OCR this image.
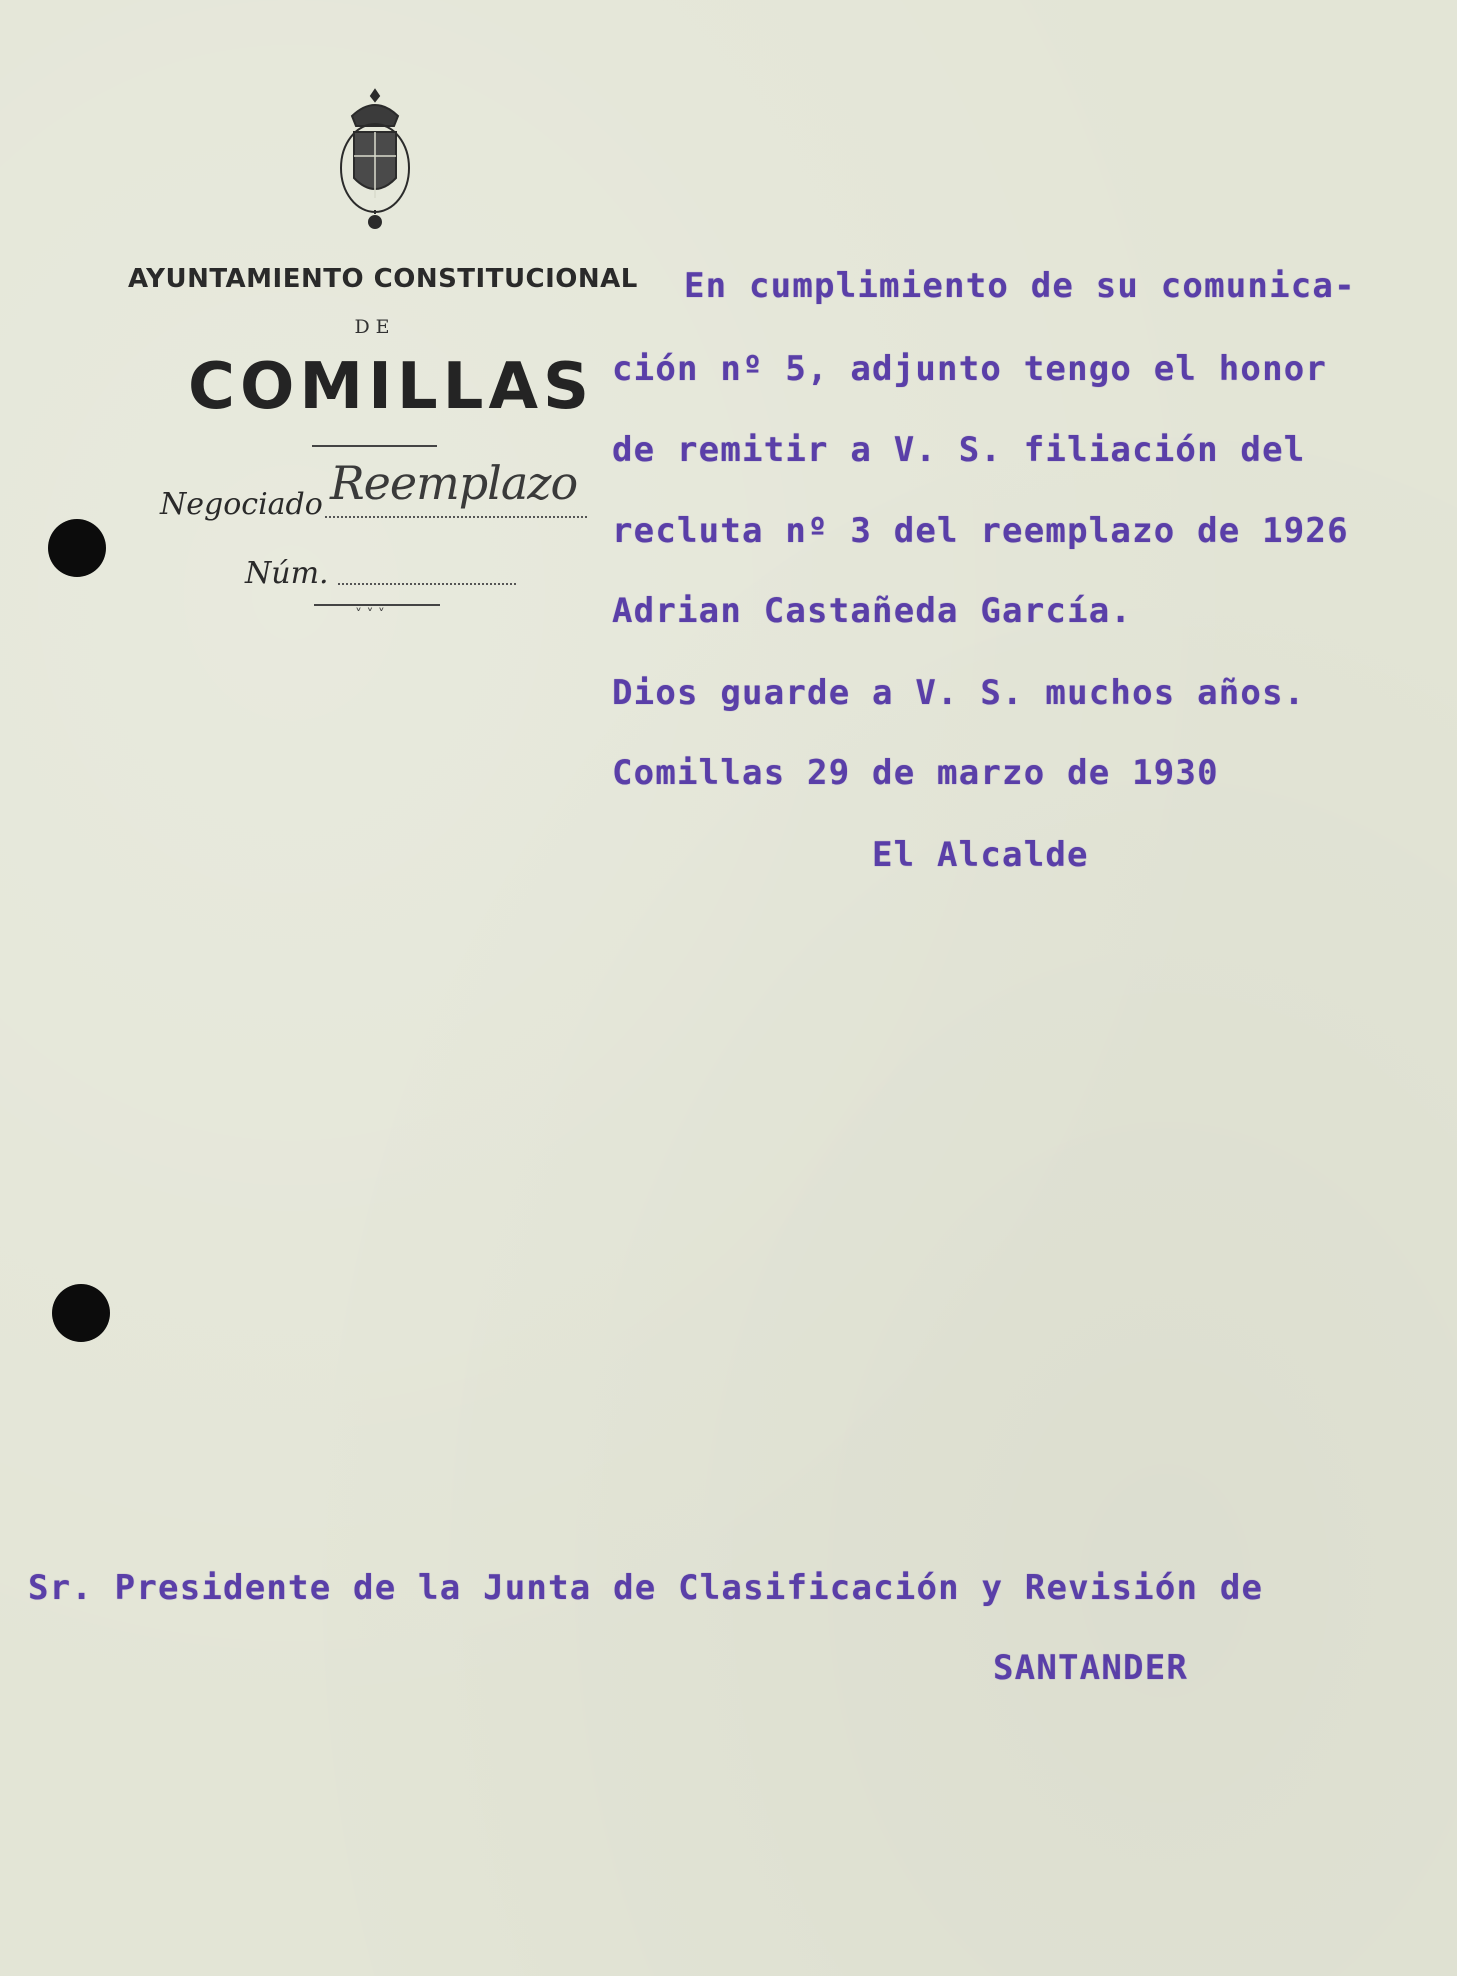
AYUNTAMIENTO CONSTITUCIONAL
DE
COMILLAS
Negociado Reemplazo
Núm.
˅ ˅ ˅
En cumplimiento de su comunica-
ción nº 5, adjunto tengo el honor
de remitir a V. S. filiación del
recluta nº 3 del reemplazo de 1926
Adrian Castañeda García.
Dios guarde a V. S. muchos años.
Comillas 29 de marzo de 1930
El Alcalde
Sr. Presidente de la Junta de Clasificación y Revisión de
SANTANDER
